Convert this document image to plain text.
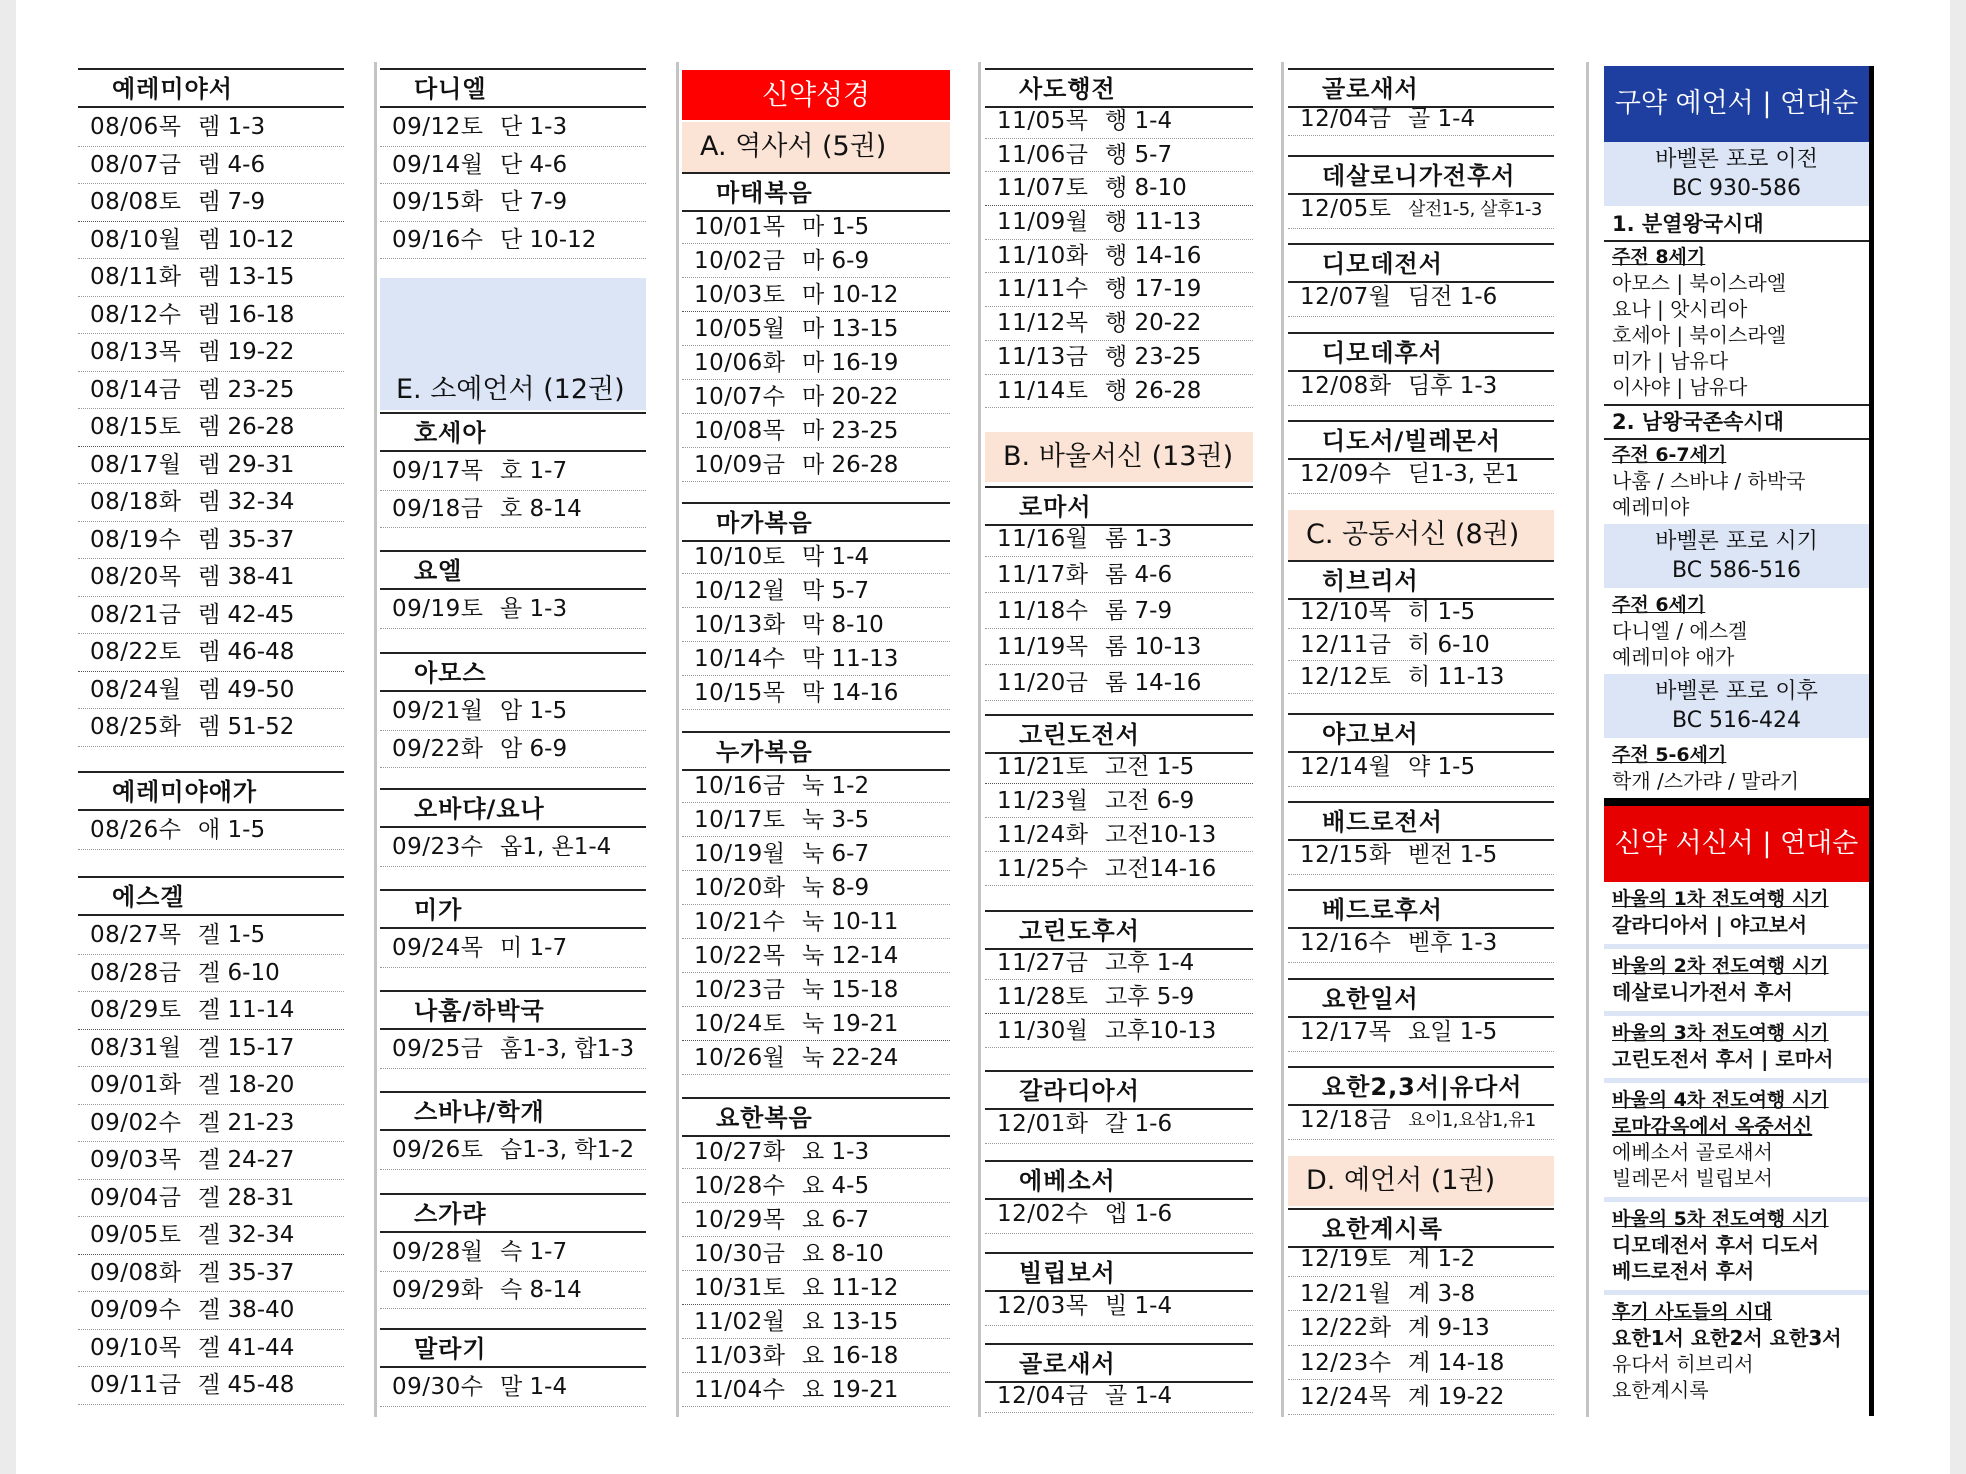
예레미야서
08/06목 렘 1-3
08/07금 렘 4-6
08/08토 렘 7-9
08/10월 렘 10-12
08/11화 렘 13-15
08/12수 렘 16-18
08/13목 렘 19-22
08/14금 렘 23-25
08/15토 렘 26-28
08/17월 렘 29-31
08/18화 렘 32-34
08/19수 렘 35-37
08/20목 렘 38-41
08/21금 렘 42-45
08/22토 렘 46-48
08/24월 렘 49-50
08/25화 렘 51-52
예레미야애가
08/26수 애 1-5
에스겔
08/27목 겔 1-5
08/28금 겔 6-10
08/29토 겔 11-14
08/31월 겔 15-17
09/01화 겔 18-20
09/02수 겔 21-23
09/03목 겔 24-27
09/04금 겔 28-31
09/05토 겔 32-34
09/08화 겔 35-37
09/09수 겔 38-40
09/10목 겔 41-44
09/11금 겔 45-48
다니엘
09/12토 단 1-3
09/14월 단 4-6
09/15화 단 7-9
09/16수 단 10-12
E. 소예언서 (12권)
호세아
09/17목 호 1-7
09/18금 호 8-14
요엘
09/19토 욜 1-3
아모스
09/21월 암 1-5
09/22화 암 6-9
오바댜/요나
09/23수 옵1, 욘1-4
미가
09/24목 미 1-7
나훔/하박국
09/25금 훔1-3, 합1-3
스바냐/학개
09/26토 습1-3, 학1-2
스가랴
09/28월 슥 1-7
09/29화 슥 8-14
말라기
09/30수 말 1-4
신약성경
A. 역사서 (5권)
마태복음
10/01목 마 1-5
10/02금 마 6-9
10/03토 마 10-12
10/05월 마 13-15
10/06화 마 16-19
10/07수 마 20-22
10/08목 마 23-25
10/09금 마 26-28
마가복음
10/10토 막 1-4
10/12월 막 5-7
10/13화 막 8-10
10/14수 막 11-13
10/15목 막 14-16
누가복음
10/16금 눅 1-2
10/17토 눅 3-5
10/19월 눅 6-7
10/20화 눅 8-9
10/21수 눅 10-11
10/22목 눅 12-14
10/23금 눅 15-18
10/24토 눅 19-21
10/26월 눅 22-24
요한복음
10/27화 요 1-3
10/28수 요 4-5
10/29목 요 6-7
10/30금 요 8-10
10/31토 요 11-12
11/02월 요 13-15
11/03화 요 16-18
11/04수 요 19-21
사도행전
11/05목 행 1-4
11/06금 행 5-7
11/07토 행 8-10
11/09월 행 11-13
11/10화 행 14-16
11/11수 행 17-19
11/12목 행 20-22
11/13금 행 23-25
11/14토 행 26-28
B. 바울서신 (13권)
로마서
11/16월 롬 1-3
11/17화 롬 4-6
11/18수 롬 7-9
11/19목 롬 10-13
11/20금 롬 14-16
고린도전서
11/21토 고전 1-5
11/23월 고전 6-9
11/24화 고전10-13
11/25수 고전14-16
고린도후서
11/27금 고후 1-4
11/28토 고후 5-9
11/30월 고후10-13
갈라디아서
12/01화 갈 1-6
에베소서
12/02수 엡 1-6
빌립보서
12/03목 빌 1-4
골로새서
12/04금 골 1-4
골로새서
12/04금 골 1-4
데살로니가전후서
12/05토 살전1-5, 살후1-3
디모데전서
12/07월 딤전 1-6
디모데후서
12/08화 딤후 1-3
디도서/빌레몬서
12/09수 딛1-3, 몬1
C. 공동서신 (8권)
D. 예언서 (1권)
히브리서
12/10목 히 1-5
12/11금 히 6-10
12/12토 히 11-13
야고보서
12/14월 약 1-5
배드로전서
12/15화 벧전 1-5
베드로후서
12/16수 벧후 1-3
요한일서
12/17목 요일 1-5
요한2,3서|유다서
12/18금 요이1,요삼1,유1
요한계시록
12/19토 계 1-2
12/21월 계 3-8
12/22화 계 9-13
12/23수 계 14-18
12/24목 계 19-22
구약 예언서 | 연대순
바벨론 포로 이전
BC 930-586
1. 분열왕국시대
주전 8세기
아모스 | 북이스라엘
요나 | 앗시리아
호세아 | 북이스라엘
미가 | 남유다
이사야 | 남유다
2. 남왕국존속시대
주전 6-7세기
나훔 / 스바냐 / 하박국
예레미야
바벨론 포로 시기
BC 586-516
주전 6세기
다니엘 / 에스겔
예레미야 애가
바벨론 포로 이후
BC 516-424
주전 5-6세기
학개 /스가랴 / 말라기
신약 서신서 | 연대순
바울의 1차 전도여행 시기
갈라디아서 | 야고보서
바울의 2차 전도여행 시기
데살로니가전서 후서
바울의 3차 전도여행 시기
고린도전서 후서 | 로마서
바울의 4차 전도여행 시기
로마감옥에서 옥중서신
에베소서 골로새서
빌레몬서 빌립보서
바울의 5차 전도여행 시기
디모데전서 후서 디도서
베드로전서 후서
후기 사도들의 시대
요한1서 요한2서 요한3서
유다서 히브리서
요한계시록
